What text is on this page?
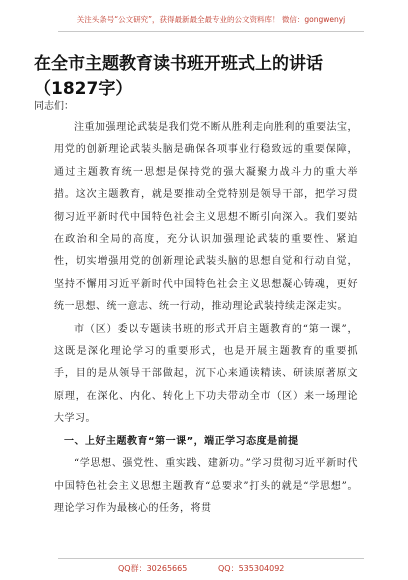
关注头条号“公文研究”，获得最新最全最专业的公文资料库！ 微信：gongwenyj
在全市主题教育读书班开班式上的讲话
（1827字）
同志们：

注重加强理论武装是我们党不断从胜利走向胜利的重要法宝，用党的创新理论武装头脑是确保各项事业行稳致远的重要保障，通过主题教育统一思想是保持党的强大凝聚力战斗力的重大举措。这次主题教育，就是要推动全党特别是领导干部，把学习贯彻习近平新时代中国特色社会主义思想不断引向深入。我们要站在政治和全局的高度，充分认识加强理论武装的重要性、紧迫性，切实增强用党的创新理论武装头脑的思想自觉和行动自觉，坚持不懈用习近平新时代中国特色社会主义思想凝心铸魂，更好统一思想、统一意志、统一行动，推动理论武装持续走深走实。

市（区）委以专题读书班的形式开启主题教育的“第一课”，这既是深化理论学习的重要形式，也是开展主题教育的重要抓手，目的是从领导干部做起，沉下心来通读精读、研读原著原文原理，在深化、内化、转化上下功夫带动全市（区）来一场理论大学习。

一、上好主题教育“第一课”，端正学习态度是前提

“学思想、强党性、重实践、建新功。”学习贯彻习近平新时代中国特色社会主义思想主题教育“总要求”打头的就是“学思想”。理论学习作为最核心的任务，将贯

QQ群：30265665	QQ：535304092
